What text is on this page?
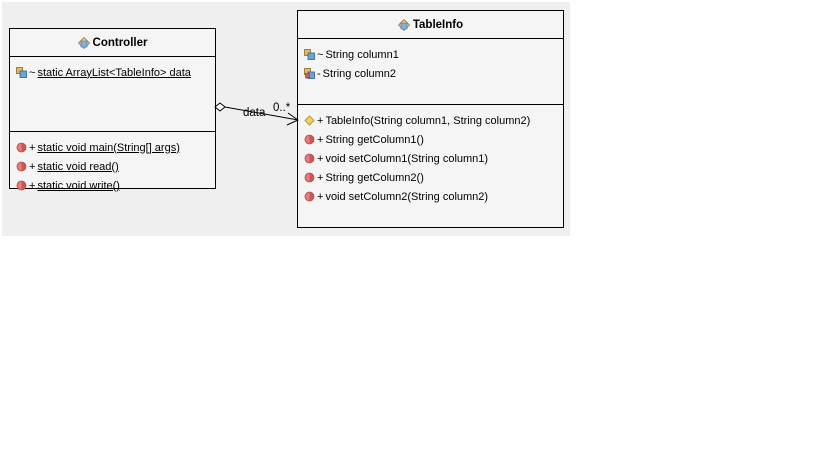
Controller
~ static ArrayList<TableInfo> data
+ static void main(String[] args)
+ static void read()
+ static void write()
TableInfo
~ String column1
- String column2
+ TableInfo(String column1, String column2)
+ String getColumn1()
+ void setColumn1(String column1)
+ String getColumn2()
+ void setColumn2(String column2)
data 0..*
